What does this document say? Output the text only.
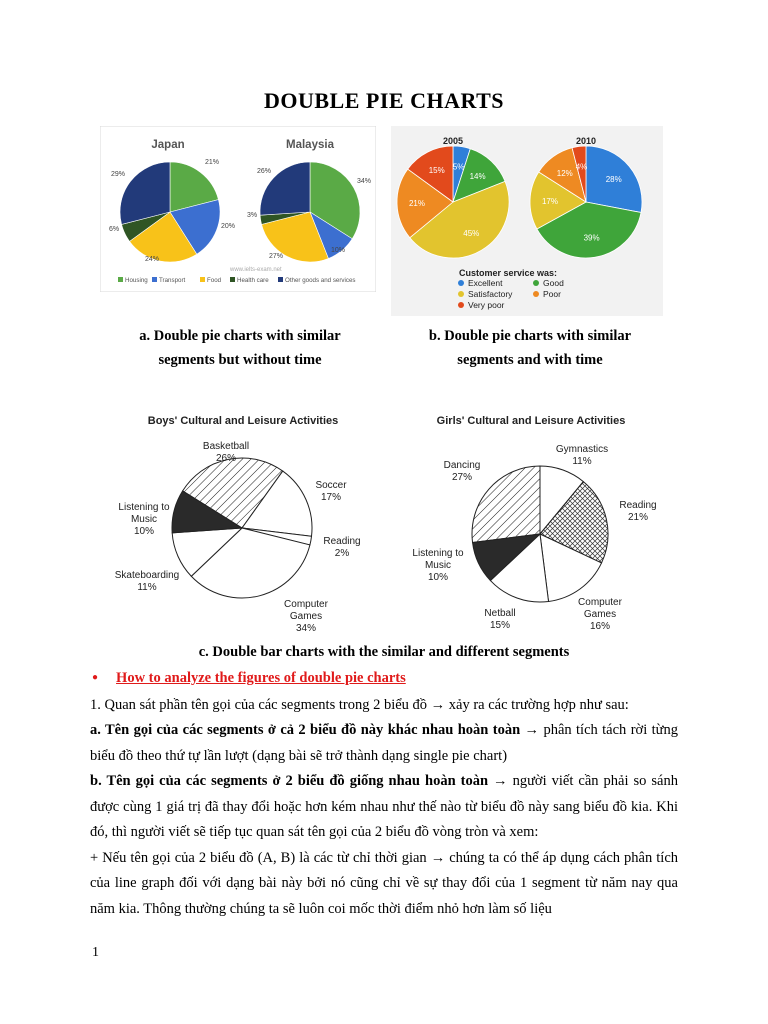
DOUBLE PIE CHARTS
Japan	Malaysia
21%
20%
24%
6%
29%
34%
10%
27%
3%
26%
www.ielts-exam.net
Housing Transport	Food	Health care	Other goods and services
2005	2010
5%
14%
45%
21%
15%
28%
39%
17%
12%
4%
Customer service was:
Excellent	Good
Satisfactory	Poor
Very poor
a. Double pie charts with similar
segments but without time
b. Double pie charts with similar
segments and with time
Boys' Cultural and Leisure Activities
Basketball 26%
Soccer 17%
Reading 2%
Computer Games 34%
Skateboarding 11%
Listening to Music 10%
Girls' Cultural and Leisure Activities
Gymnastics 11%
Reading 21%
Computer Games 16%
Netball 15%
Listening to Music 10%
Dancing 27%
c. Double bar charts with the similar and different segments
● How to analyze the figures of double pie charts
1. Quan sát phần tên gọi của các segments trong 2 biểu đồ → xảy ra các trường hợp như sau:
a. Tên gọi của các segments ở cả 2 biểu đồ này khác nhau hoàn toàn → phân tích tách rời từng biểu đồ theo thứ tự lần lượt (dạng bài sẽ trở thành dạng single pie chart)
b. Tên gọi của các segments ở 2 biểu đồ giống nhau hoàn toàn → người viết cần phải so sánh được cùng 1 giá trị đã thay đổi hoặc hơn kém nhau như thế nào từ biểu đồ này sang biểu đồ kia. Khi đó, thì người viết sẽ tiếp tục quan sát tên gọi của 2 biểu đồ vòng tròn và xem:
+ Nếu tên gọi của 2 biểu đồ (A, B) là các từ chỉ thời gian → chúng ta có thể áp dụng cách phân tích của line graph đối với dạng bài này bởi nó cũng chỉ về sự thay đổi của 1 segment từ năm nay qua năm kia. Thông thường chúng ta sẽ luôn coi mốc thời điểm nhỏ hơn làm số liệu
1
